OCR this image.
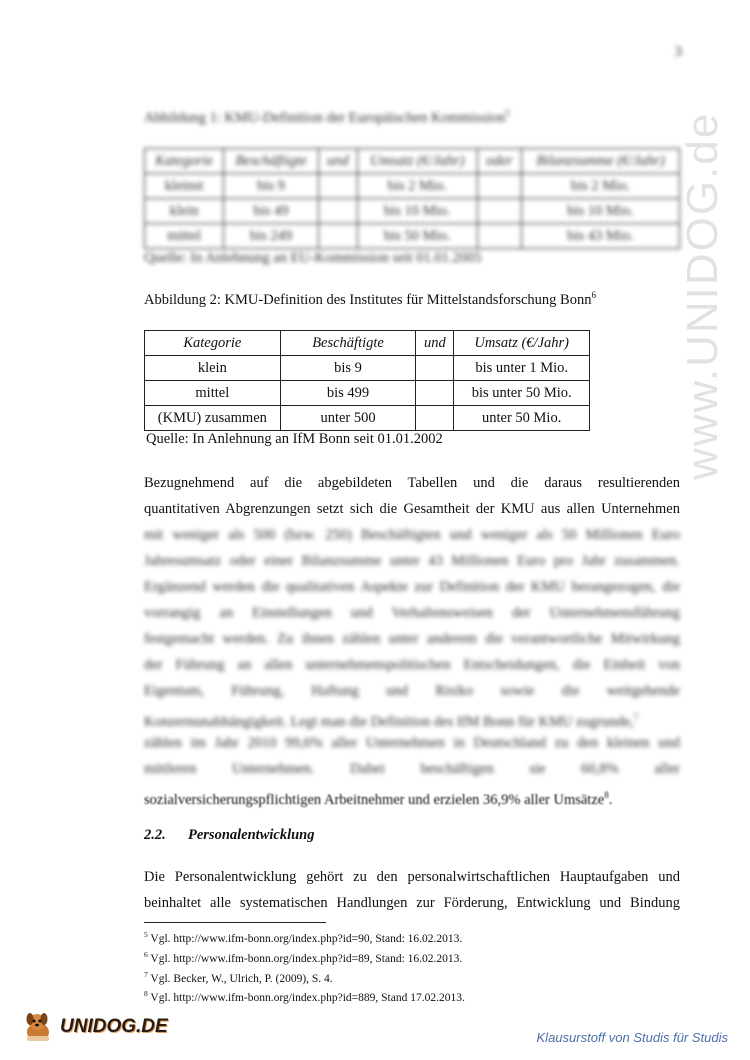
3
Abbildung 1: KMU-Definition der Europäischen Kommission$^5$
Kategorie	Beschäftigte	und	Umsatz (€/Jahr)	oder	Bilanzsumme (€/Jahr)
kleinst	bis 9		bis 2 Mio.		bis 2 Mio.
klein	bis 49		bis 10 Mio.		bis 10 Mio.
mittel	bis 249		bis 50 Mio.		bis 43 Mio.
Quelle: In Anlehnung an EU-Kommission seit 01.01.2005
Abbildung 2: KMU-Definition des Institutes für Mittelstandsforschung Bonn$^6$
Kategorie	Beschäftigte	und	Umsatz (€/Jahr)
klein	bis 9		bis unter 1 Mio.
mittel	bis 499		bis unter 50 Mio.
(KMU) zusammen	unter 500		unter 50 Mio.
Quelle: In Anlehnung an IfM Bonn seit 01.01.2002
Bezugnehmend auf die abgebildeten Tabellen und die daraus resultierenden
quantitativen Abgrenzungen setzt sich die Gesamtheit der KMU aus allen Unternehmen
mit weniger als 500 (bzw. 250) Beschäftigten und weniger als 50 Millionen Euro
Jahresumsatz oder einer Bilanzsumme unter 43 Millionen Euro pro Jahr zusammen.
Ergänzend werden die qualitativen Aspekte zur Definition der KMU herangezogen, die
vorrangig an Einstellungen und Verhaltensweisen der Unternehmensführung
festgemacht werden. Zu ihnen zählen unter anderem die verantwortliche Mitwirkung
der Führung an allen unternehmenspolitischen Entscheidungen, die Einheit von
Eigentum, Führung, Haftung und Risiko sowie die weitgehende
Konzernunabhängigkeit. Legt man die Definition des IfM Bonn für KMU zugrunde,$^7$
zählen im Jahr 2010 99,6% aller Unternehmen in Deutschland zu den kleinen und
mittleren Unternehmen. Dabei beschäftigen sie 60,8% aller
sozialversicherungspflichtigen Arbeitnehmer und erzielen 36,9% aller Umsätze$^8$.
2.2. Personalentwicklung
Die Personalentwicklung gehört zu den personalwirtschaftlichen Hauptaufgaben und
beinhaltet alle systematischen Handlungen zur Förderung, Entwicklung und Bindung
$^5$ Vgl. http://www.ifm-bonn.org/index.php?id=90, Stand: 16.02.2013.
$^6$ Vgl. http://www.ifm-bonn.org/index.php?id=89, Stand: 16.02.2013.
$^7$ Vgl. Becker, W., Ulrich, P. (2009), S. 4.
$^8$ Vgl. http://www.ifm-bonn.org/index.php?id=889, Stand 17.02.2013.
www.UNIDOG.de
UNIDOG.DE
Klausurstoff von Studis für Studis
